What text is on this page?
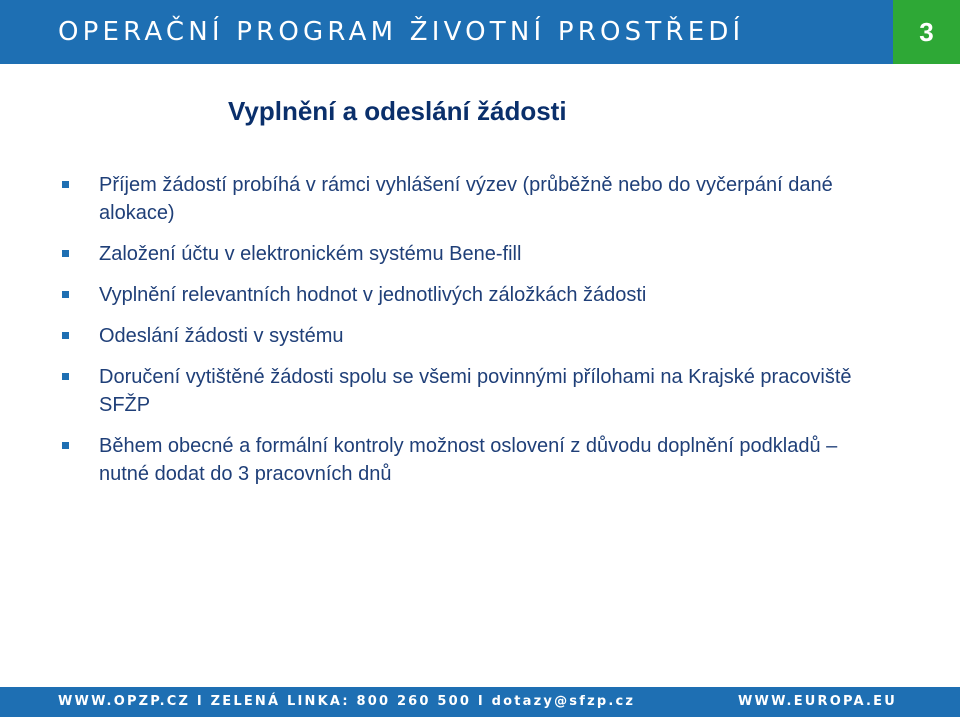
OPERAČNÍ PROGRAM ŽIVOTNÍ PROSTŘEDÍ	3
Vyplnění a odeslání žádosti
Příjem žádostí probíhá v rámci vyhlášení výzev (průběžně nebo do vyčerpání dané alokace)
Založení účtu v elektronickém systému Bene-fill
Vyplnění relevantních hodnot v jednotlivých záložkách žádosti
Odeslání žádosti v systému
Doručení vytištěné žádosti spolu se všemi povinnými přílohami na Krajské pracoviště SFŽP
Během obecné a formální kontroly možnost oslovení z důvodu doplnění podkladů – nutné dodat do 3 pracovních dnů
WWW.OPZP.CZ I ZELENÁ LINKA: 800 260 500 I dotazy@sfzp.cz	WWW.EUROPA.EU
